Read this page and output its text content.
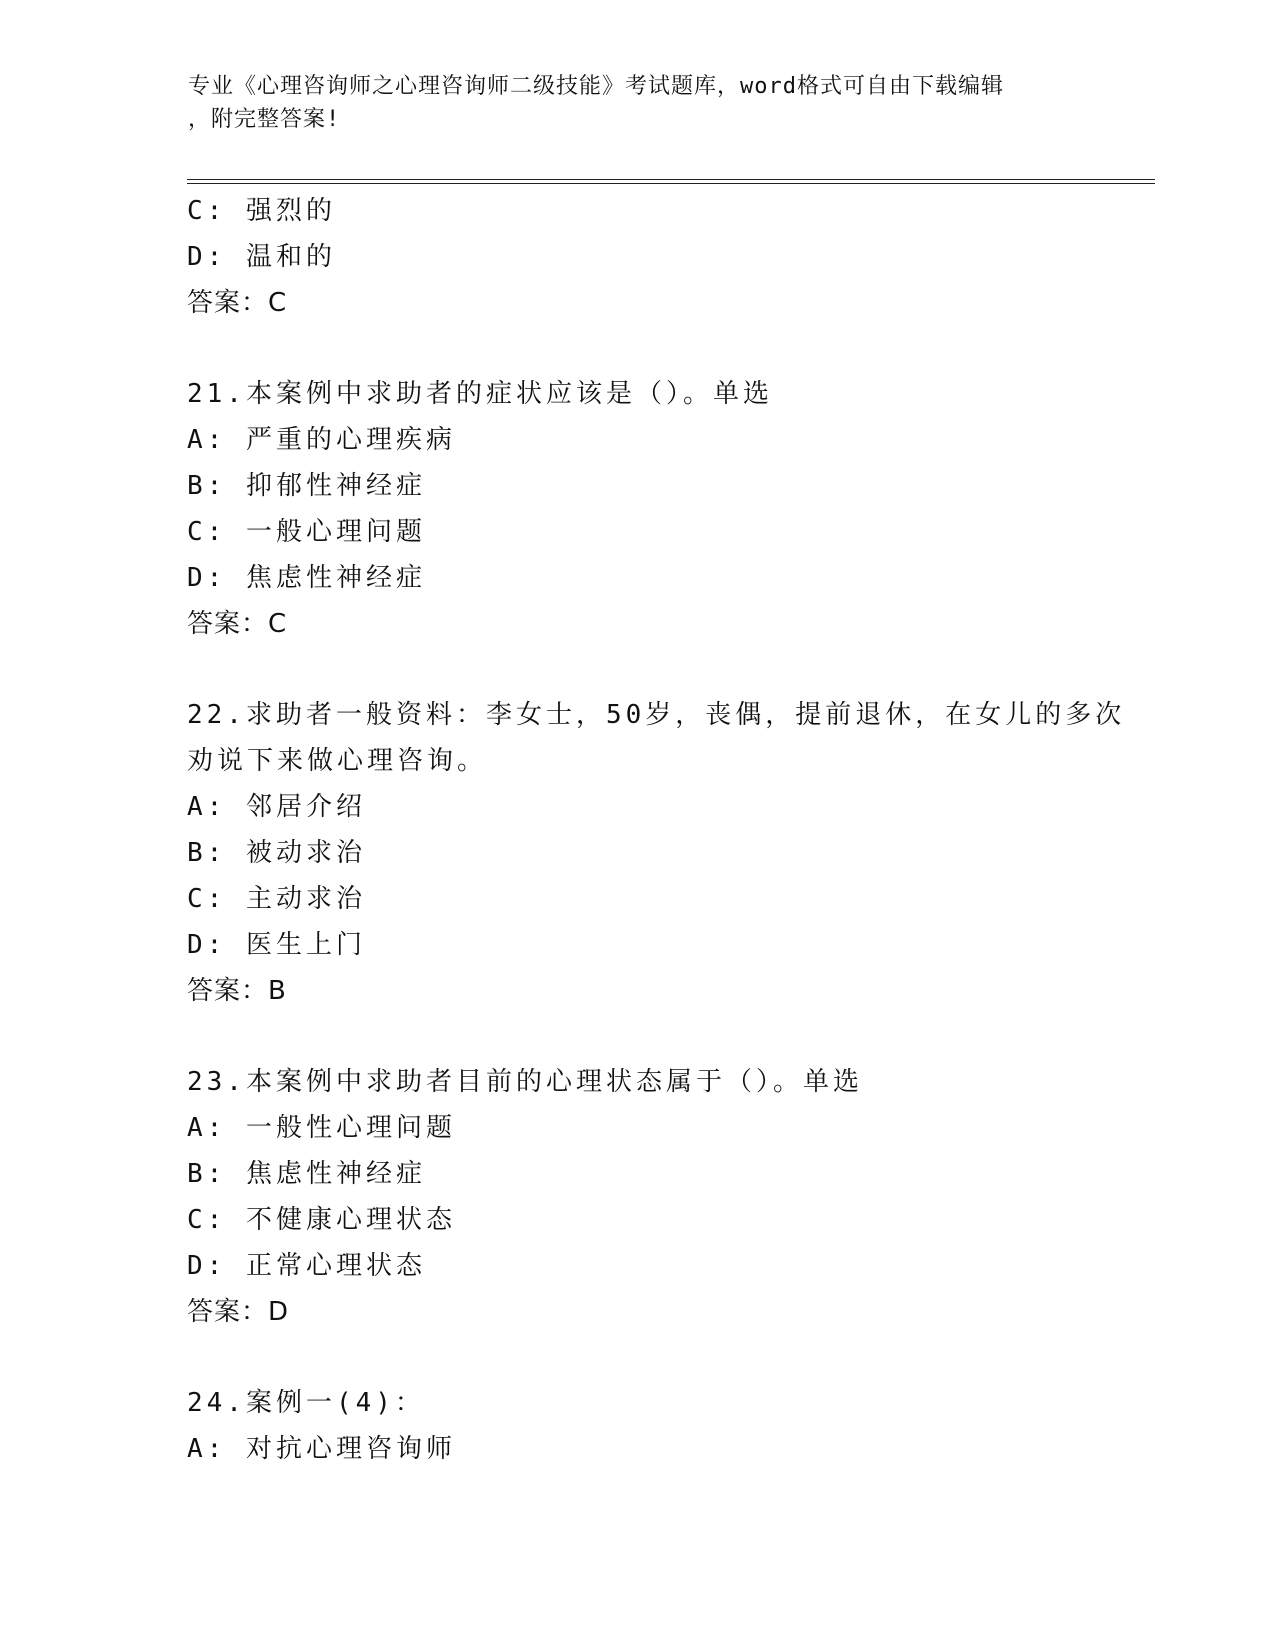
专业《心理咨询师之心理咨询师二级技能》考试题库，word格式可自由下载编辑
，附完整答案!
C: 强烈的
D: 温和的
答案：C
21.本案例中求助者的症状应该是（）。单选
A: 严重的心理疾病
B: 抑郁性神经症
C: 一般心理问题
D: 焦虑性神经症
答案：C
22.求助者一般资料：李女士，50岁，丧偶，提前退休，在女儿的多次
劝说下来做心理咨询。
A: 邻居介绍
B: 被动求治
C: 主动求治
D: 医生上门
答案：B
23.本案例中求助者目前的心理状态属于（）。单选
A: 一般性心理问题
B: 焦虑性神经症
C: 不健康心理状态
D: 正常心理状态
答案：D
24.案例一(4)：
A: 对抗心理咨询师
